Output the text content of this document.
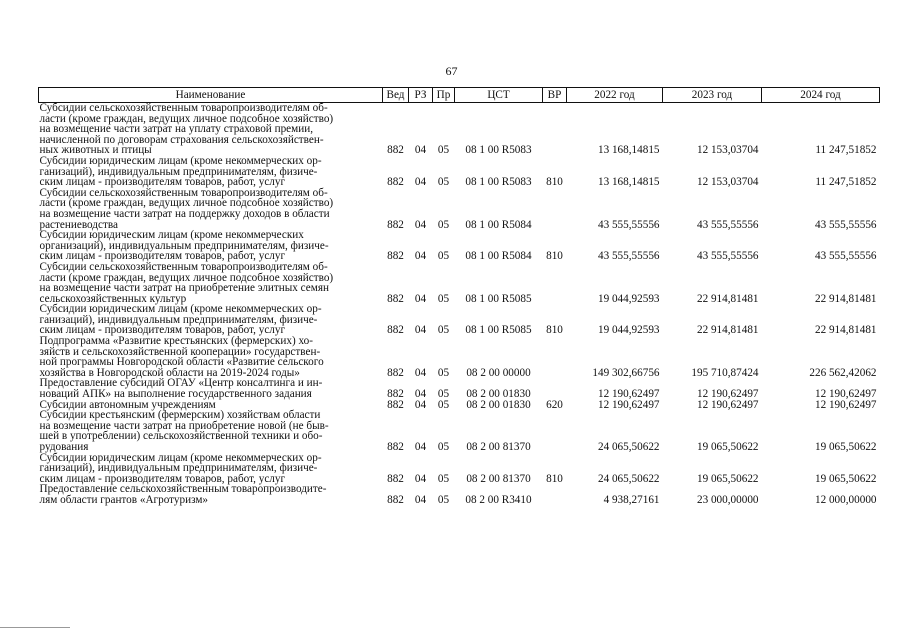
67
Наименование	Вед	РЗ	Пр	ЦСТ	ВР	2022 год	2023 год	2024 год

Субсидии сельскохозяйственным товаропроизводителям об-
ласти (кроме граждан, ведущих личное подсобное хозяйство)
на возмещение части затрат на уплату страховой премии,
начисленной по договорам страхования сельскохозяйствен-
ных животных и птицы	882	04	05	08 1 00 R5083		13 168,14815	12 153,03704	11 247,51852

Субсидии юридическим лицам (кроме некоммерческих ор-
ганизаций), индивидуальным предпринимателям, физиче-
ским лицам - производителям товаров, работ, услуг	882	04	05	08 1 00 R5083	810	13 168,14815	12 153,03704	11 247,51852

Субсидии сельскохозяйственным товаропроизводителям об-
ласти (кроме граждан, ведущих личное подсобное хозяйство)
на возмещение части затрат на поддержку доходов в области
растениеводства	882	04	05	08 1 00 R5084		43 555,55556	43 555,55556	43 555,55556

Субсидии юридическим лицам (кроме некоммерческих
организаций), индивидуальным предпринимателям, физиче-
ским лицам - производителям товаров, работ, услуг	882	04	05	08 1 00 R5084	810	43 555,55556	43 555,55556	43 555,55556

Субсидии сельскохозяйственным товаропроизводителям об-
ласти (кроме граждан, ведущих личное подсобное хозяйство)
на возмещение части затрат на приобретение элитных семян
сельскохозяйственных культур	882	04	05	08 1 00 R5085		19 044,92593	22 914,81481	22 914,81481

Субсидии юридическим лицам (кроме некоммерческих ор-
ганизаций), индивидуальным предпринимателям, физиче-
ским лицам - производителям товаров, работ, услуг	882	04	05	08 1 00 R5085	810	19 044,92593	22 914,81481	22 914,81481

Подпрограмма «Развитие крестьянских (фермерских) хо-
зяйств и сельскохозяйственной кооперации» государствен-
ной программы Новгородской области «Развитие сельского
хозяйства в Новгородской области на 2019-2024 годы»	882	04	05	08 2 00 00000		149 302,66756	195 710,87424	226 562,42062

Предоставление субсидий ОГАУ «Центр консалтинга и ин-
новаций АПК» на выполнение государственного задания	882	04	05	08 2 00 01830		12 190,62497	12 190,62497	12 190,62497

Субсидии автономным учреждениям	882	04	05	08 2 00 01830	620	12 190,62497	12 190,62497	12 190,62497

Субсидии крестьянским (фермерским) хозяйствам области
на возмещение части затрат на приобретение новой (не быв-
шей в употреблении) сельскохозяйственной техники и обо-
рудования	882	04	05	08 2 00 81370		24 065,50622	19 065,50622	19 065,50622

Субсидии юридическим лицам (кроме некоммерческих ор-
ганизаций), индивидуальным предпринимателям, физиче-
ским лицам - производителям товаров, работ, услуг	882	04	05	08 2 00 81370	810	24 065,50622	19 065,50622	19 065,50622

Предоставление сельскохозяйственным товаропроизводите-
лям области грантов «Агротуризм»	882	04	05	08 2 00 R3410		4 938,27161	23 000,00000	12 000,00000
